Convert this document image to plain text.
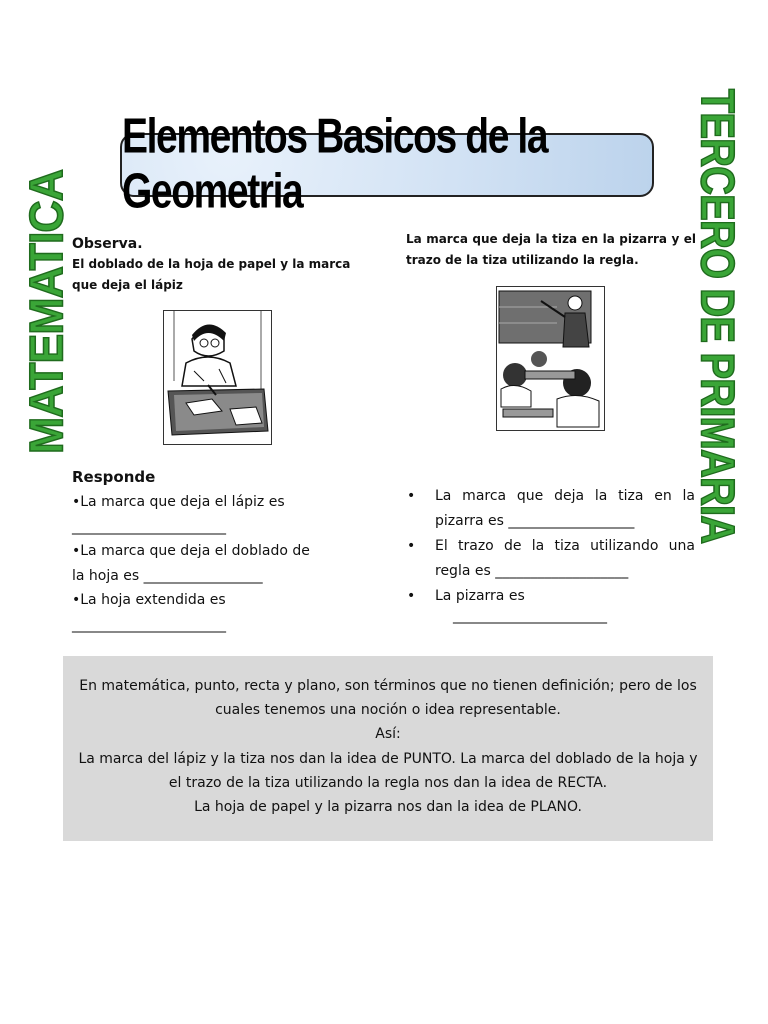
MATEMATICA	TERCERO DE PRIMARIA
Elementos Basicos de la Geometria
Observa.
El doblado de la hoja de papel y la marca que deja el lápiz
Responde

•La marca que deja el lápiz es

______________________

•La marca que deja el doblado de

la hoja es _________________

•La hoja extendida es

______________________

La marca que deja la tiza en la pizarra y el trazo de la tiza utilizando la regla.
• La marca que deja la tiza en la pizarra es __________________
• El trazo de la tiza utilizando una regla es ___________________
• La pizarra es
______________________

En matemática, punto, recta y plano, son términos que no tienen definición; pero de los

cuales tenemos una noción o idea representable.

Así:

La marca del lápiz y la tiza nos dan la idea de PUNTO. La marca del doblado de la hoja y

el trazo de la tiza utilizando la regla nos dan la idea de RECTA.

La hoja de papel y la pizarra nos dan la idea de PLANO.
